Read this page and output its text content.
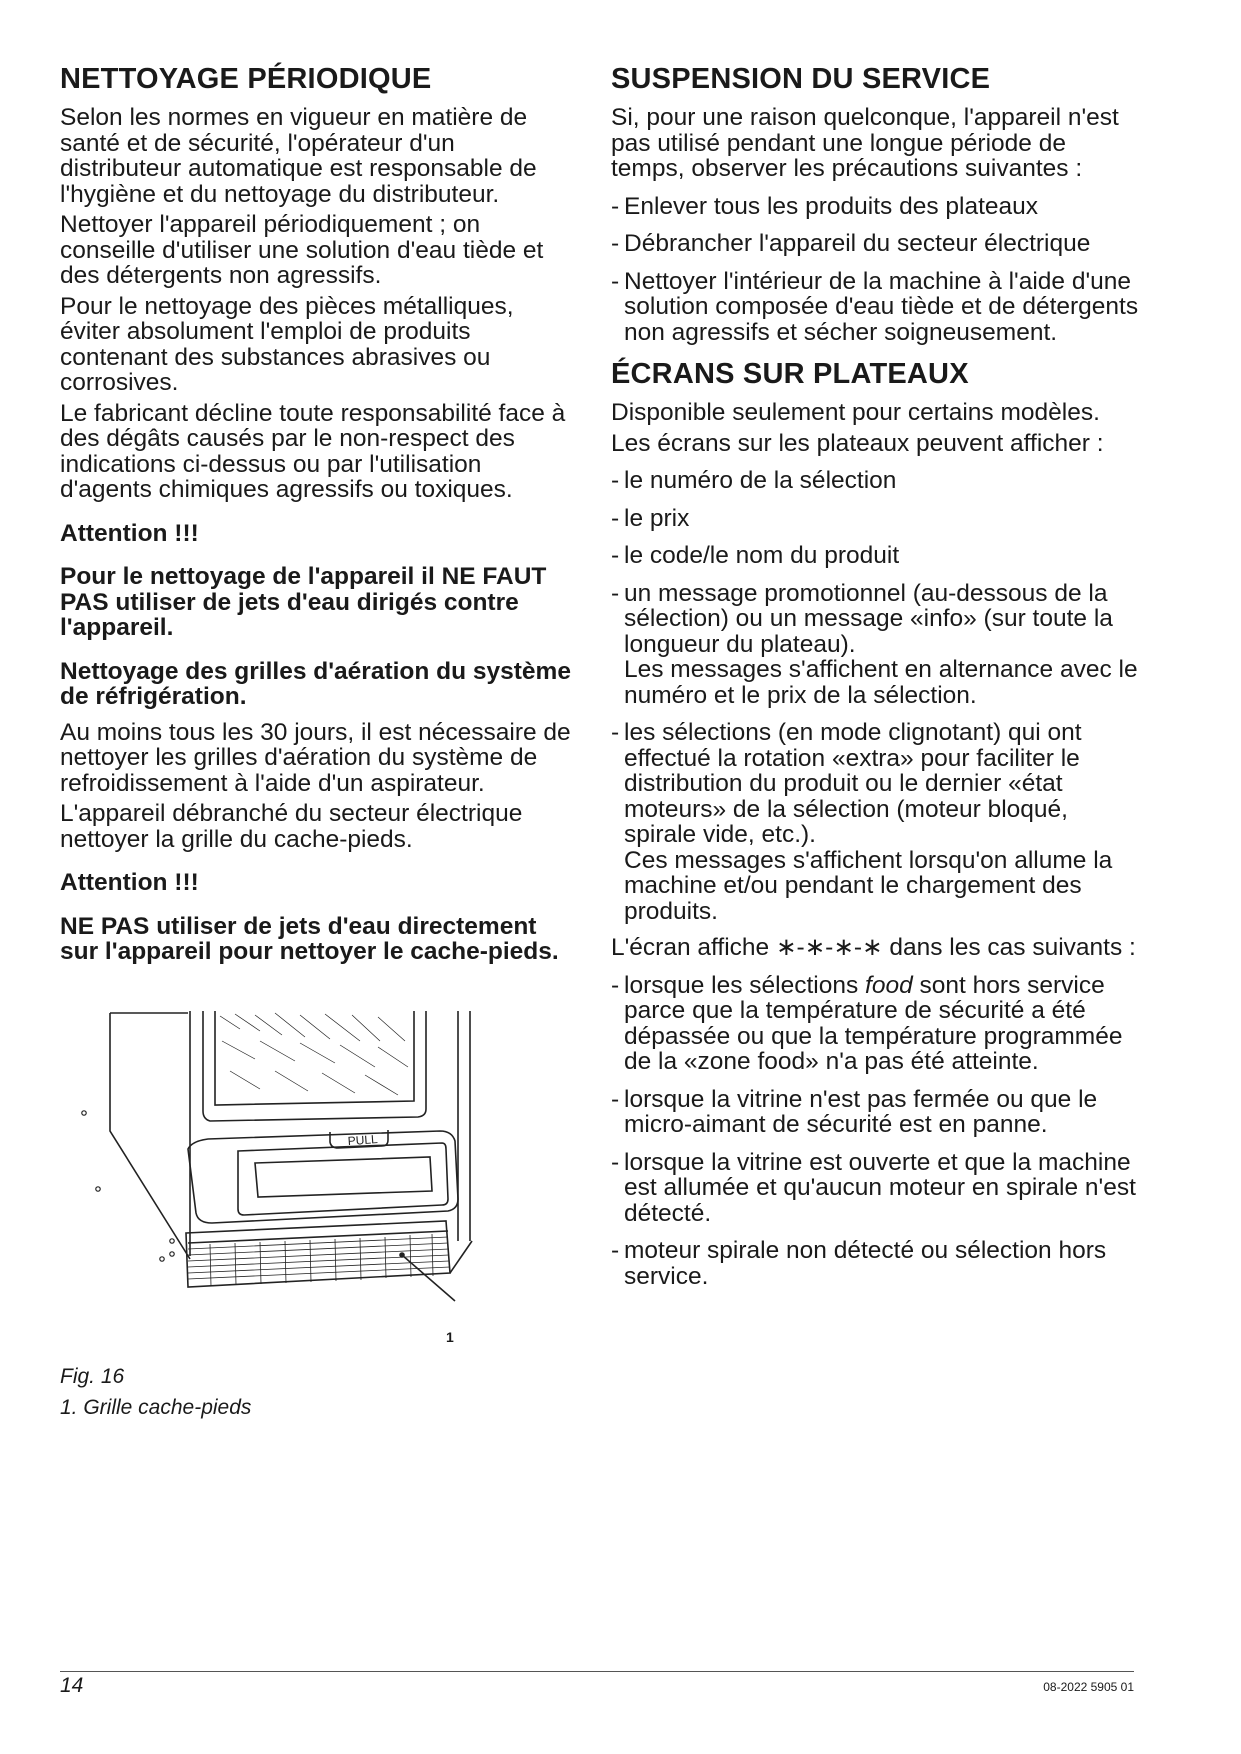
NETTOYAGE PÉRIODIQUE

Selon les normes en vigueur en matière de santé et de sécurité, l'opérateur d'un distributeur automatique est responsable de l'hygiène et du nettoyage du distributeur.

Nettoyer l'appareil périodiquement ; on conseille d'utiliser une solution d'eau tiède et des détergents non agressifs.

Pour le nettoyage des pièces métalliques, éviter absolument l'emploi de produits contenant des substances abrasives ou corrosives.

Le fabricant décline toute responsabilité face à des dégâts causés par le non-respect des indications ci-dessus ou par l'utilisation d'agents chimiques agressifs ou toxiques.

Attention !!!

Pour le nettoyage de l'appareil il NE FAUT PAS utiliser de jets d'eau dirigés contre l'appareil.

Nettoyage des grilles d'aération du système de réfrigération.

Au moins tous les 30 jours, il est nécessaire de nettoyer les grilles d'aération du système de refroidissement à l'aide d'un aspirateur.

L'appareil débranché du secteur électrique nettoyer la grille du cache-pieds.

Attention !!!

NE PAS utiliser de jets d'eau directement sur l'appareil pour nettoyer le cache-pieds.

PULL
1

Fig. 16

1. Grille cache-pieds

SUSPENSION DU SERVICE

Si, pour une raison quelconque, l'appareil n'est pas utilisé pendant une longue période de temps, observer les précautions suivantes :

- Enlever tous les produits des plateaux
- Débrancher l'appareil du secteur électrique
- Nettoyer l'intérieur de la machine à l'aide d'une solution composée d'eau tiède et de détergents non agressifs et sécher soigneusement.
ÉCRANS SUR PLATEAUX

Disponible seulement pour certains modèles.

Les écrans sur les plateaux peuvent afficher :

- le numéro de la sélection
- le prix
- le code/le nom du produit
- un message promotionnel (au-dessous de la sélection) ou un message «info» (sur toute la longueur du plateau).
Les messages s'affichent en alternance avec le numéro et le prix de la sélection.
- les sélections (en mode clignotant) qui ont effectué la rotation «extra» pour faciliter le distribution du produit ou le dernier «état moteurs» de la sélection (moteur bloqué, spirale vide, etc.).
Ces messages s'affichent lorsqu'on allume la machine et/ou pendant le chargement des produits.

L'écran affiche ∗-∗-∗-∗ dans les cas suivants :

- lorsque les sélections food sont hors service parce que la température de sécurité a été dépassée ou que la température programmée de la «zone food» n'a pas été atteinte.
- lorsque la vitrine n'est pas fermée ou que le micro-aimant de sécurité est en panne.
- lorsque la vitrine est ouverte et que la machine est allumée et qu'aucun moteur en spirale n'est détecté.
- moteur spirale non détecté ou sélection hors service.
14	08-2022 5905 01
